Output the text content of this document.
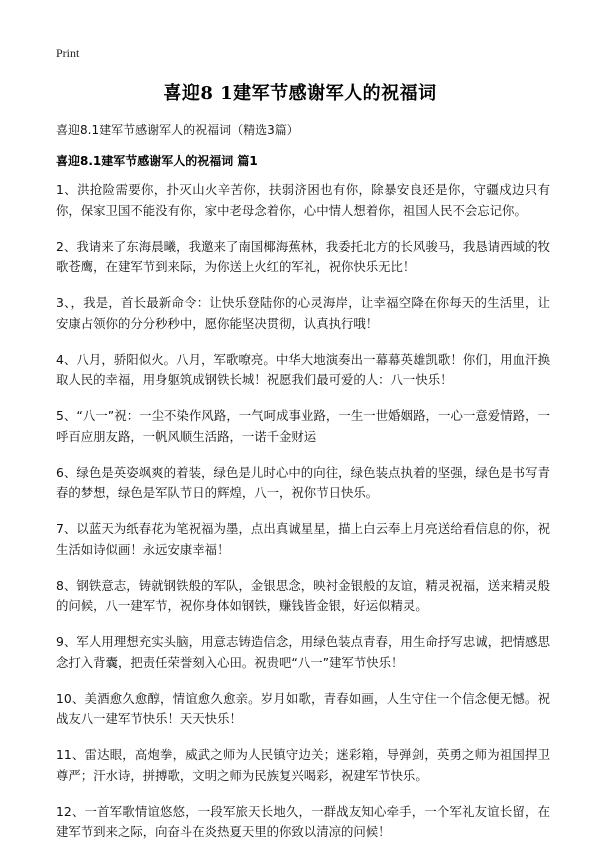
Print
喜迎8 1建军节感谢军人的祝福词
喜迎8.1建军节感谢军人的祝福词（精选3篇）
喜迎8.1建军节感谢军人的祝福词 篇1

1、洪抢险需要你，扑灭山火辛苦你，扶弱济困也有你，除暴安良还是你，守疆戍边只有你，保家卫国不能没有你，家中老母念着你，心中情人想着你，祖国人民不会忘记你。

2、我请来了东海晨曦，我邀来了南国椰海蕉林，我委托北方的长风骏马，我恳请西域的牧歌苍鹰，在建军节到来际，为你送上火红的军礼，祝你快乐无比！

3、，我是，首长最新命令：让快乐登陆你的心灵海岸，让幸福空降在你每天的生活里，让安康占领你的分分秒秒中，愿你能坚决贯彻，认真执行哦！

4、八月，骄阳似火。八月，军歌嘹亮。中华大地演奏出一幕幕英雄凯歌！你们，用血汗换取人民的幸福，用身躯筑成钢铁长城！祝愿我们最可爱的人：八一快乐！

5、“八一”祝：一尘不染作风路，一气呵成事业路，一生一世婚姻路，一心一意爱情路，一呼百应朋友路，一帆风顺生活路，一诺千金财运

6、绿色是英姿飒爽的着装，绿色是儿时心中的向往，绿色装点执着的坚强，绿色是书写青春的梦想，绿色是军队节日的辉煌，八一，祝你节日快乐。

7、以蓝天为纸春花为笔祝福为墨，点出真诚星星，描上白云奉上月亮送给看信息的你，祝生活如诗似画！永远安康幸福！

8、钢铁意志，铸就钢铁般的军队，金银思念，映衬金银般的友谊，精灵祝福，送来精灵般的问候，八一建军节，祝你身体如钢铁，赚钱皆金银，好运似精灵。

9、军人用理想充实头脑，用意志铸造信念，用绿色装点青春，用生命抒写忠诚，把情感思念打入背囊，把责任荣誉刻入心田。祝贵吧“八一”建军节快乐！

10、美酒愈久愈醇，情谊愈久愈亲。岁月如歌，青春如画，人生守住一个信念便无憾。祝战友八一建军节快乐！天天快乐！

11、雷达眼，高炮拳，威武之师为人民镇守边关；迷彩箱，导弹剑，英勇之师为祖国捍卫尊严；汗水诗，拼搏歌，文明之师为民族复兴喝彩，祝建军节快乐。

12、一首军歌情谊悠悠，一段军旅天长地久，一群战友知心牵手，一个军礼友谊长留，在建军节到来之际，向奋斗在炎热夏天里的你致以清凉的问候！
